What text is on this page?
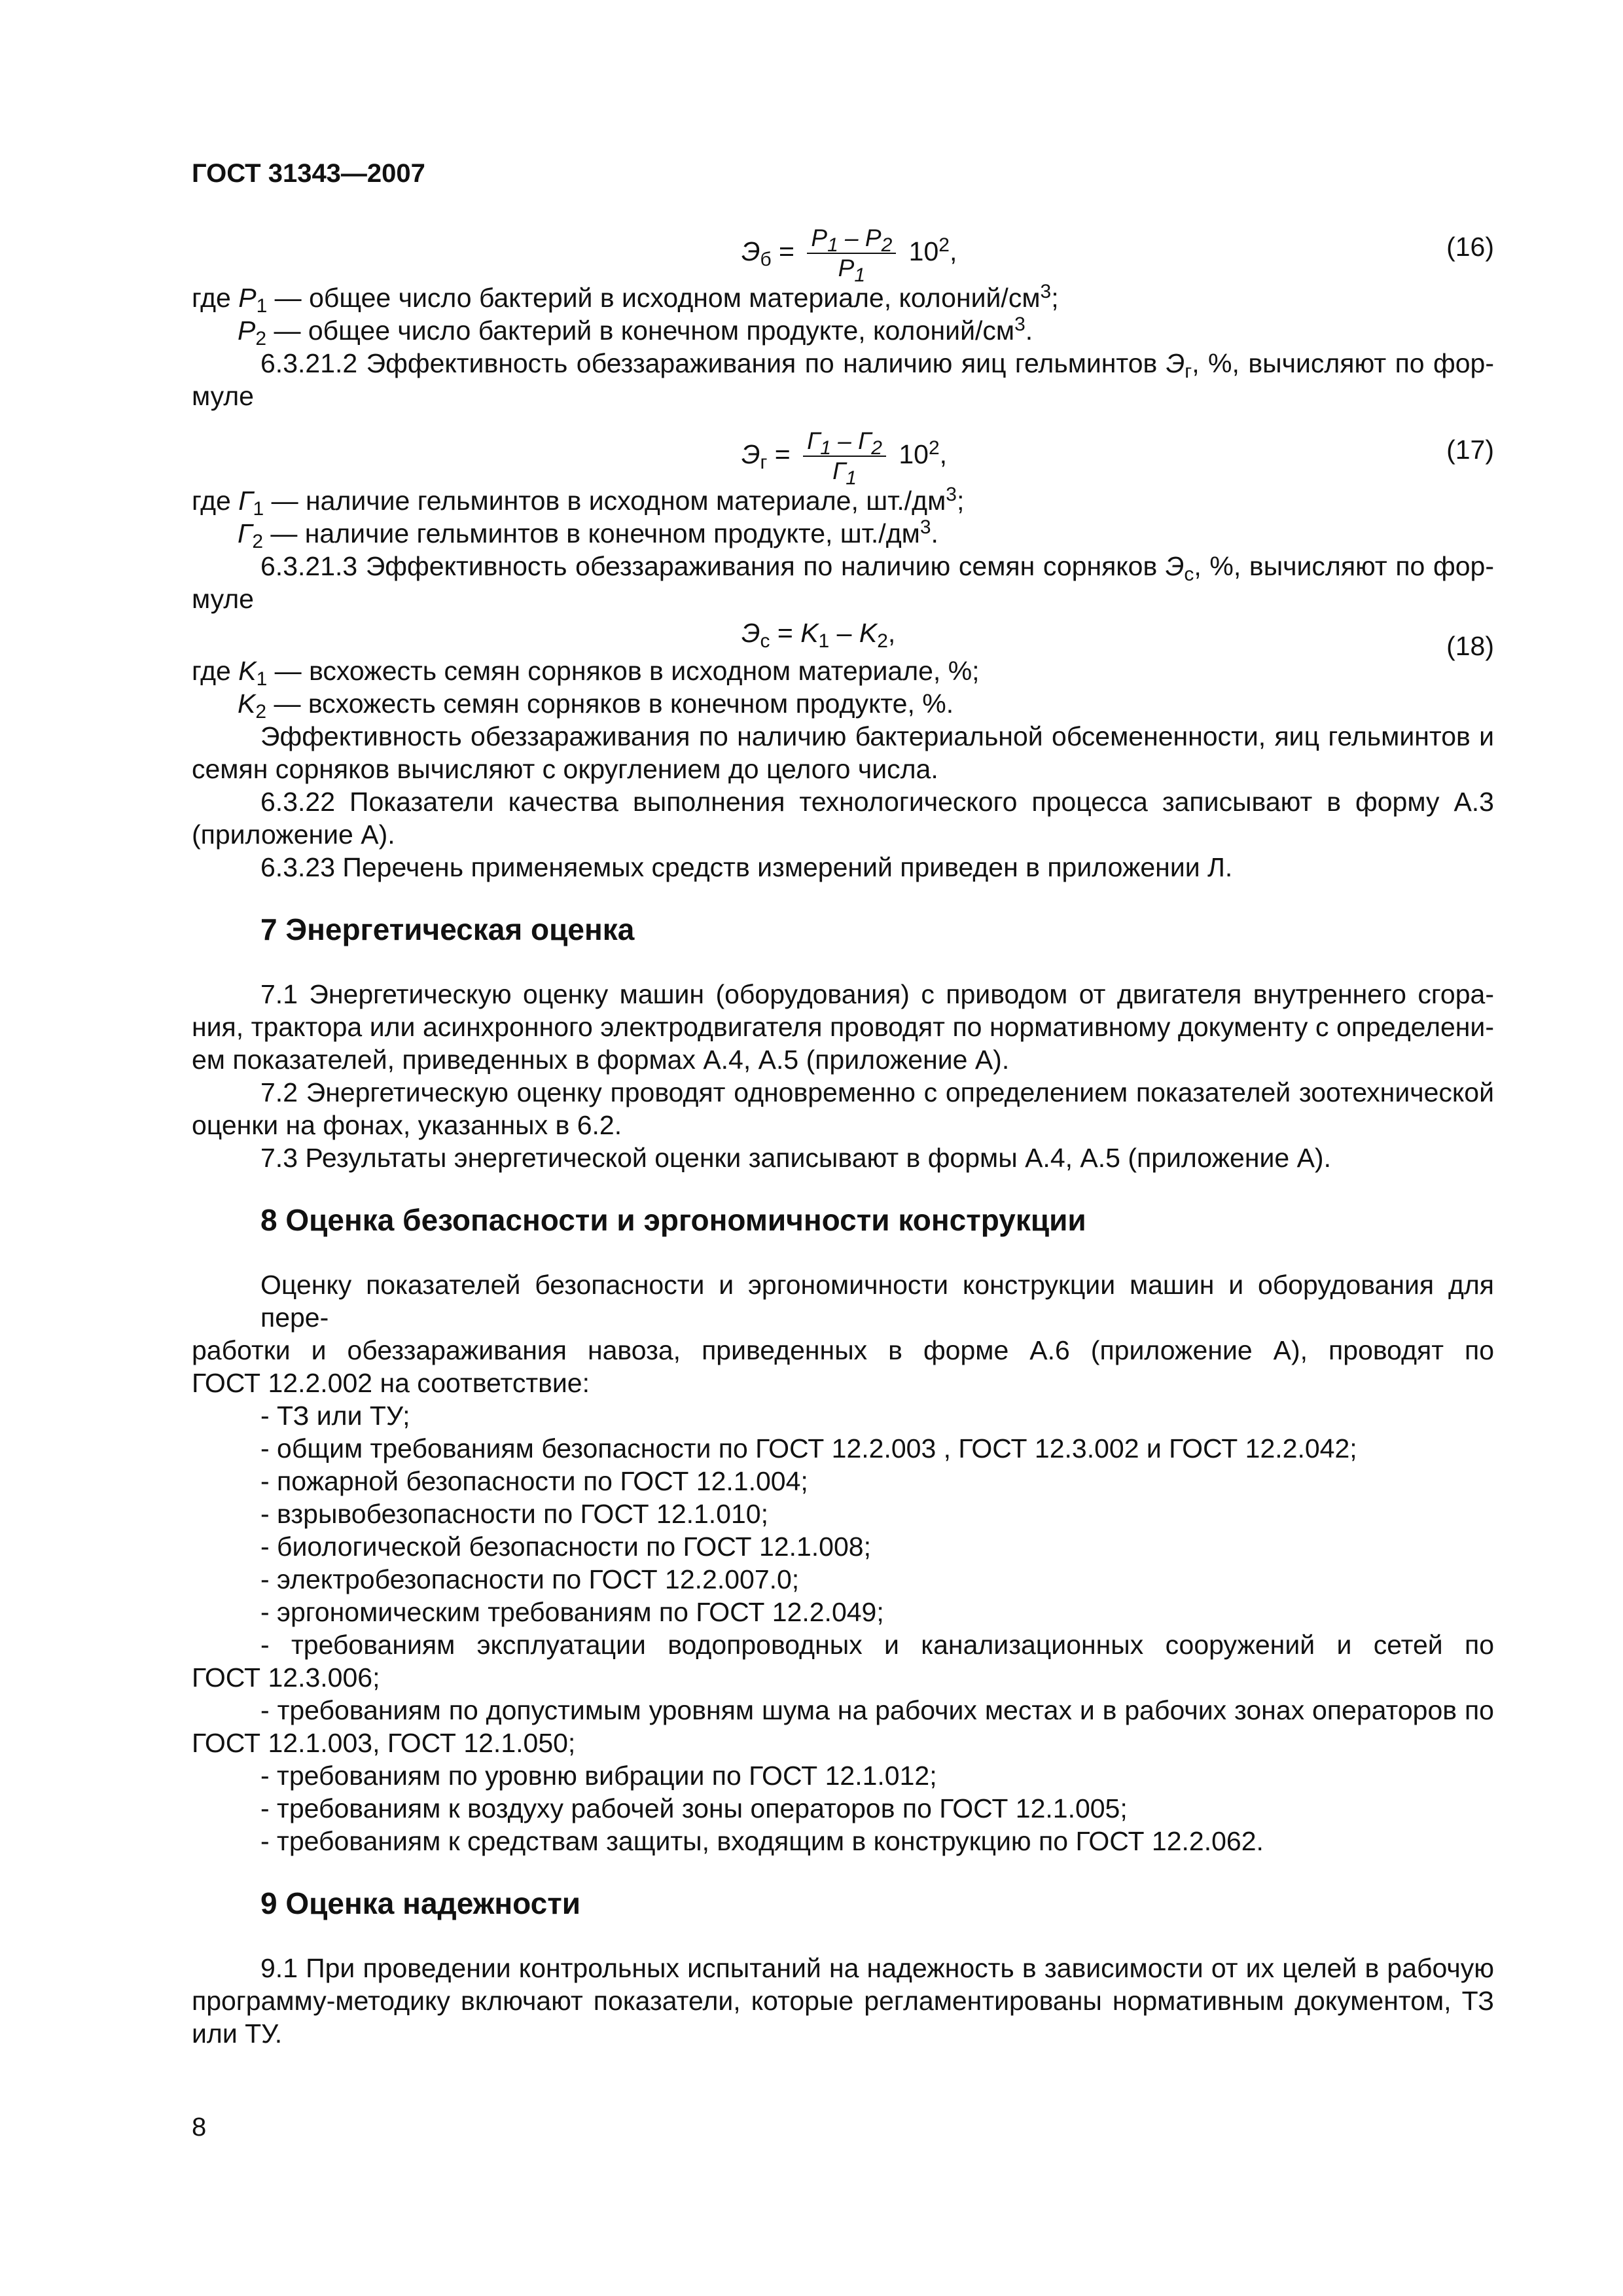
ГОСТ 31343—2007
$Э_б = \frac{P_1 - P_2}{P_1} 10^2$,	(16)
где $P_1$ — общее число бактерий в исходном материале, колоний/$см^3$;
$P_2$ — общее число бактерий в конечном продукте, колоний/$см^3$.
6.3.21.2 Эффективность обеззараживания по наличию яиц гельминтов $Э_г$, %, вычисляют по фор-
муле
$Э_г = \frac{Г_1 - Г_2}{Г_1} 10^2$,	(17)
где $Г_1$ — наличие гельминтов в исходном материале, $шт./дм^3$;
$Г_2$ — наличие гельминтов в конечном продукте, $шт./дм^3$.
6.3.21.3 Эффективность обеззараживания по наличию семян сорняков $Э_с$, %, вычисляют по фор-
муле
$Э_с = K_1 - K_2$,	(18)
где $K_1$ — всхожесть семян сорняков в исходном материале, %;
$K_2$ — всхожесть семян сорняков в конечном продукте, %.
Эффективность обеззараживания по наличию бактериальной обсемененности, яиц гельминтов и
семян сорняков вычисляют с округлением до целого числа.
6.3.22 Показатели качества выполнения технологического процесса записывают в форму А.3
(приложение А).
6.3.23 Перечень применяемых средств измерений приведен в приложении Л.
7 Энергетическая оценка
7.1 Энергетическую оценку машин (оборудования) с приводом от двигателя внутреннего сгора-
ния, трактора или асинхронного электродвигателя проводят по нормативному документу с определени-
ем показателей, приведенных в формах А.4, А.5 (приложение А).
7.2 Энергетическую оценку проводят одновременно с определением показателей зоотехнической
оценки на фонах, указанных в 6.2.
7.3 Результаты энергетической оценки записывают в формы А.4, А.5 (приложение А).
8 Оценка безопасности и эргономичности конструкции
Оценку показателей безопасности и эргономичности конструкции машин и оборудования для пере-
работки и обеззараживания навоза, приведенных в форме А.6 (приложение А), проводят по
ГОСТ 12.2.002 на соответствие:
- ТЗ или ТУ;
- общим требованиям безопасности по ГОСТ 12.2.003 , ГОСТ 12.3.002 и ГОСТ 12.2.042;
- пожарной безопасности по ГОСТ 12.1.004;
- взрывобезопасности по ГОСТ 12.1.010;
- биологической безопасности по ГОСТ 12.1.008;
- электробезопасности по ГОСТ 12.2.007.0;
- эргономическим требованиям по ГОСТ 12.2.049;
- требованиям эксплуатации водопроводных и канализационных сооружений и сетей по
ГОСТ 12.3.006;
- требованиям по допустимым уровням шума на рабочих местах и в рабочих зонах операторов по
ГОСТ 12.1.003, ГОСТ 12.1.050;
- требованиям по уровню вибрации по ГОСТ 12.1.012;
- требованиям к воздуху рабочей зоны операторов по ГОСТ 12.1.005;
- требованиям к средствам защиты, входящим в конструкцию по ГОСТ 12.2.062.
9 Оценка надежности
9.1 При проведении контрольных испытаний на надежность в зависимости от их целей в рабочую
программу-методику включают показатели, которые регламентированы нормативным документом, ТЗ
или ТУ.
8
